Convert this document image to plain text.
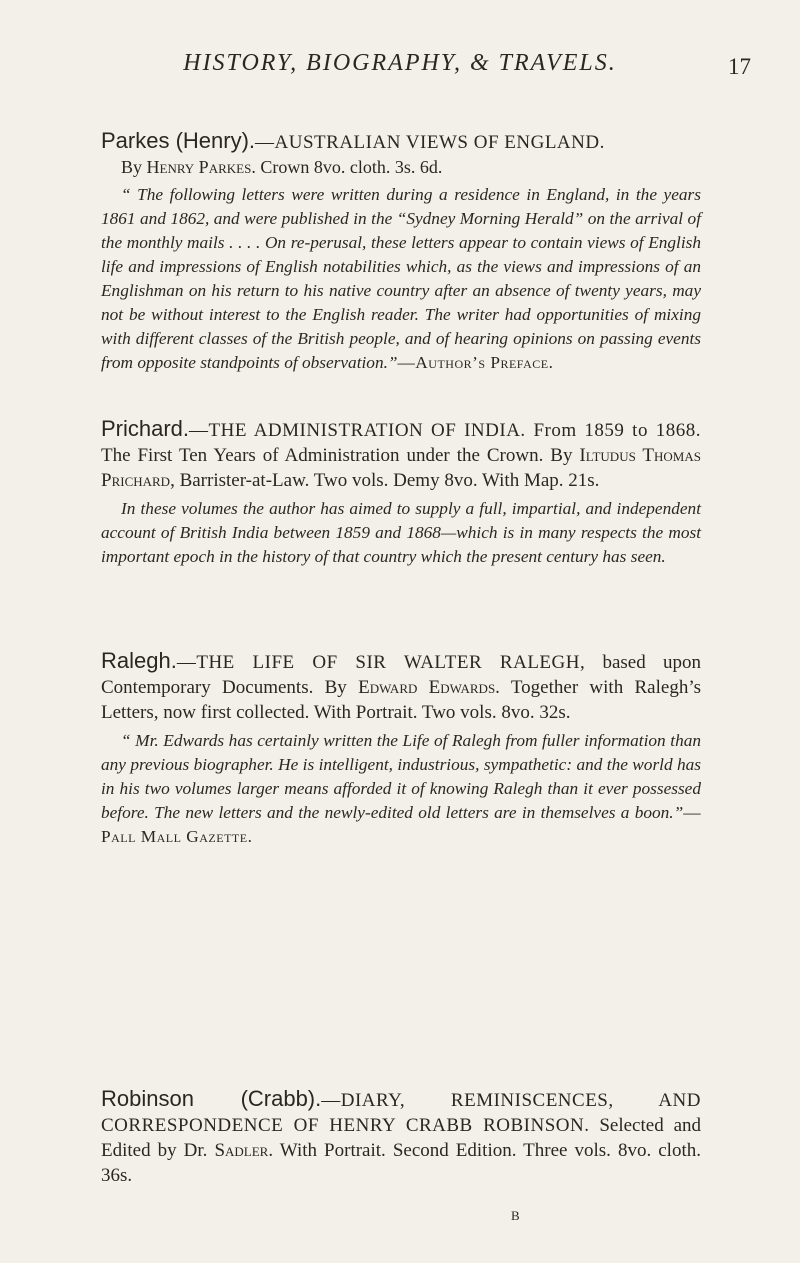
HISTORY, BIOGRAPHY, & TRAVELS.	17

Parkes (Henry).—AUSTRALIAN VIEWS OF ENGLAND.

By Henry Parkes. Crown 8vo. cloth. 3s. 6d.

“ The following letters were written during a residence in England, in the years 1861 and 1862, and were published in the “Sydney Morning Herald” on the arrival of the monthly mails . . . . On re-perusal, these letters appear to contain views of English life and impressions of English notabilities which, as the views and impressions of an Englishman on his return to his native country after an absence of twenty years, may not be without interest to the English reader. The writer had opportunities of mixing with different classes of the British people, and of hearing opinions on passing events from opposite standpoints of observation.”—Author’s Preface.

Prichard.—THE ADMINISTRATION OF INDIA. From 1859 to 1868. The First Ten Years of Administration under the Crown. By Iltudus Thomas Prichard, Barrister-at-Law. Two vols. Demy 8vo. With Map. 21s.

In these volumes the author has aimed to supply a full, impartial, and independent account of British India between 1859 and 1868—which is in many respects the most important epoch in the history of that country which the present century has seen.

Ralegh.—THE LIFE OF SIR WALTER RALEGH, based upon Contemporary Documents. By Edward Edwards. Together with Ralegh’s Letters, now first collected. With Portrait. Two vols. 8vo. 32s.

“ Mr. Edwards has certainly written the Life of Ralegh from fuller information than any previous biographer. He is intelligent, industrious, sympathetic: and the world has in his two volumes larger means afforded it of knowing Ralegh than it ever possessed before. The new letters and the newly-edited old letters are in themselves a boon.”—Pall Mall Gazette.

Robinson (Crabb).—DIARY, REMINISCENCES, AND CORRESPONDENCE OF HENRY CRABB ROBINSON. Selected and Edited by Dr. Sadler. With Portrait. Second Edition. Three vols. 8vo. cloth. 36s.

B
